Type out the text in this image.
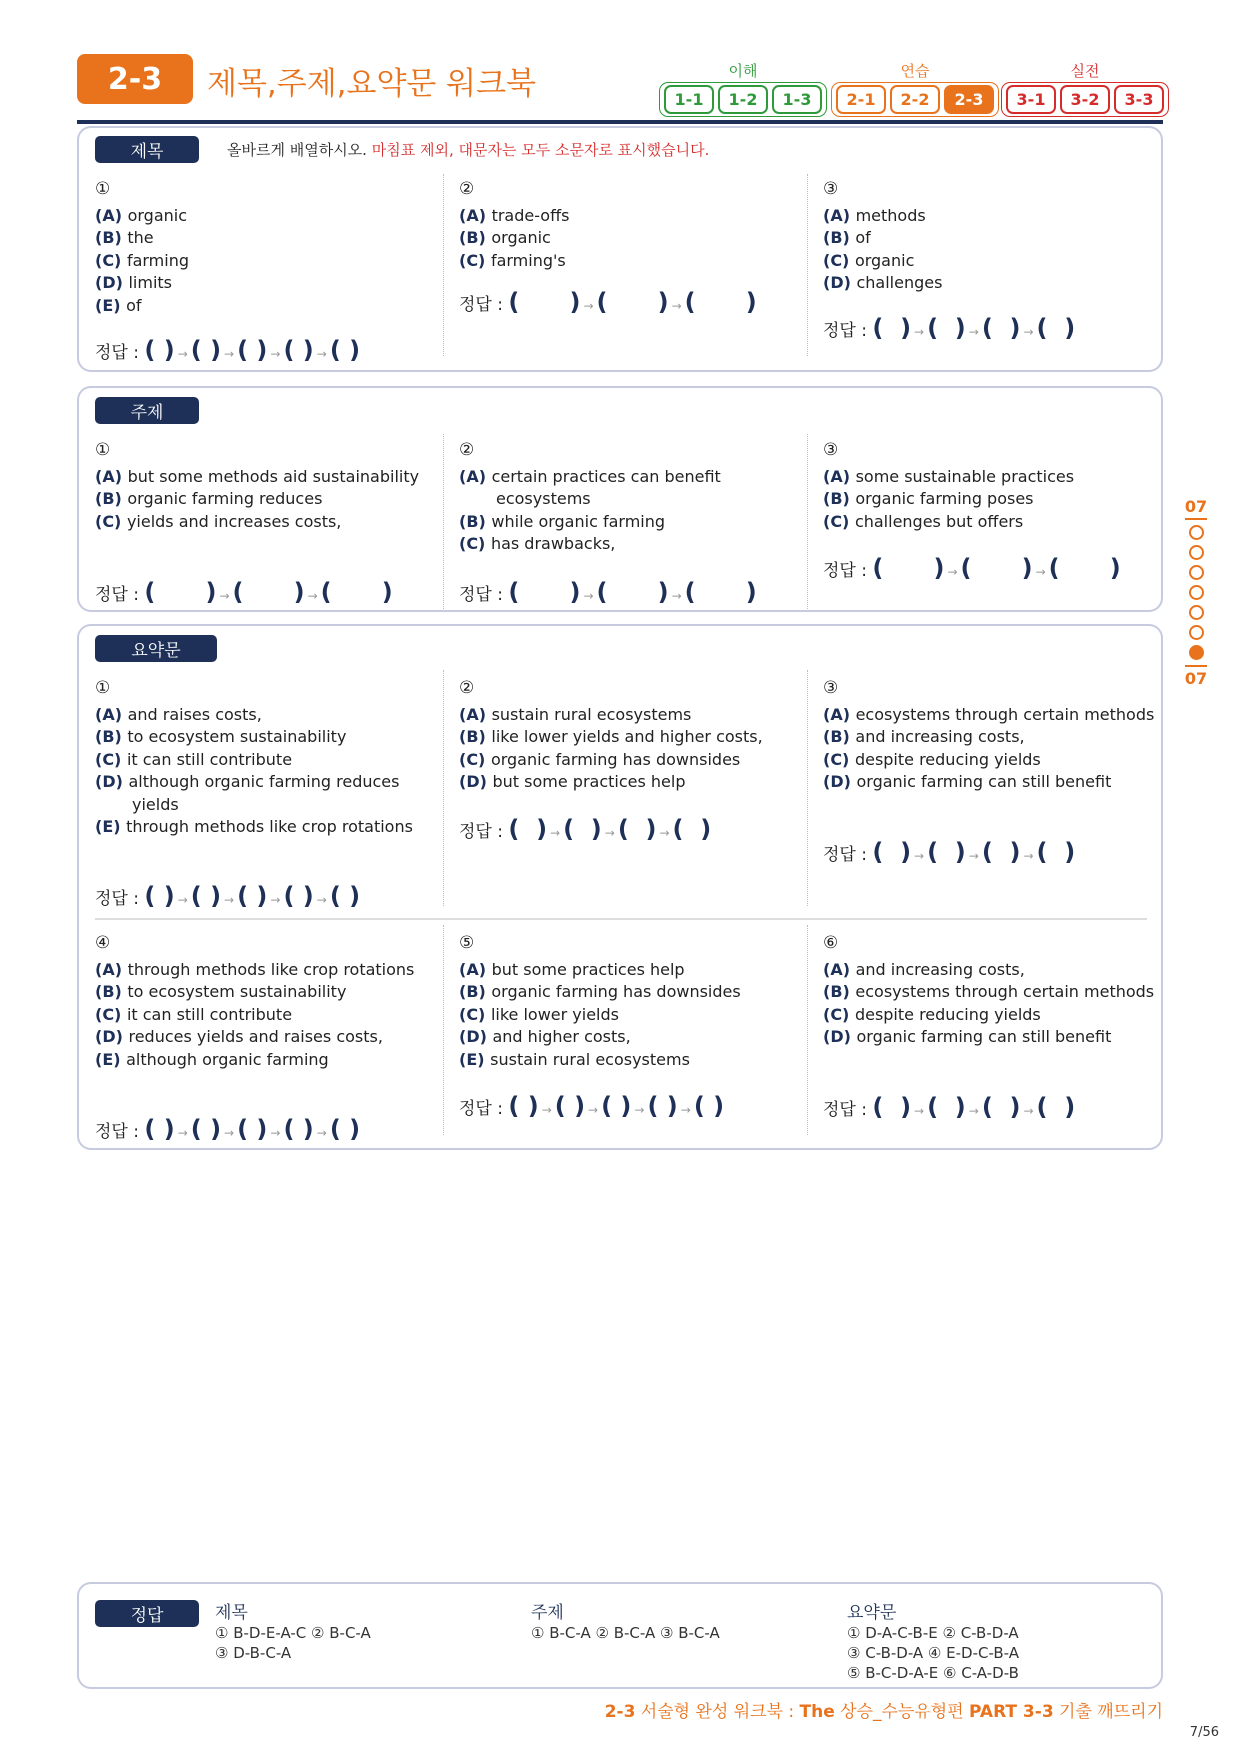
2-3	제목,주제,요약문 워크북	이해	연습	실전
1-1	1-2	1-3	2-1	2-2	2-3	3-1	3-2	3-3
제목	올바르게 배열하시오. 마침표 제외, 대문자는 모두 소문자로 표시했습니다.
주제
요약문
①
(A) organic
(B) the
(C) farming
(D) limits
(E) of
정답 : ( ) → ( ) → ( ) → ( ) → ( )
②
(A) trade-offs
(B) organic
(C) farming's
정답 : (      ) → (      ) → (      )
③
(A) methods
(B) of
(C) organic
(D) challenges
정답 : (  ) → (  ) → (  ) → (  )
①
(A) but some methods aid sustainability
(B) organic farming reduces
(C) yields and increases costs,
정답 : (      ) → (      ) → (      )
②
(A) certain practices can benefit ecosystems
(B) while organic farming
(C) has drawbacks,
정답 : (      ) → (      ) → (      )
③
(A) some sustainable practices
(B) organic farming poses
(C) challenges but offers
정답 : (      ) → (      ) → (      )
①
(A) and raises costs,
(B) to ecosystem sustainability
(C) it can still contribute
(D) although organic farming reduces yields
(E) through methods like crop rotations
정답 : ( ) → ( ) → ( ) → ( ) → ( )
②
(A) sustain rural ecosystems
(B) like lower yields and higher costs,
(C) organic farming has downsides
(D) but some practices help
정답 : (  ) → (  ) → (  ) → (  )
③
(A) ecosystems through certain methods
(B) and increasing costs,
(C) despite reducing yields
(D) organic farming can still benefit
정답 : (  ) → (  ) → (  ) → (  )
④
(A) through methods like crop rotations
(B) to ecosystem sustainability
(C) it can still contribute
(D) reduces yields and raises costs,
(E) although organic farming
정답 : ( ) → ( ) → ( ) → ( ) → ( )
⑤
(A) but some practices help
(B) organic farming has downsides
(C) like lower yields
(D) and higher costs,
(E) sustain rural ecosystems
정답 : ( ) → ( ) → ( ) → ( ) → ( )
⑥
(A) and increasing costs,
(B) ecosystems through certain methods
(C) despite reducing yields
(D) organic farming can still benefit
정답 : (  ) → (  ) → (  ) → (  )
07
07
정답	제목
① B-D-E-A-C ② B-C-A
③ D-B-C-A
주제
① B-C-A ② B-C-A ③ B-C-A
요약문
① D-A-C-B-E ② C-B-D-A
③ C-B-D-A ④ E-D-C-B-A
⑤ B-C-D-A-E ⑥ C-A-D-B
2-3 서술형 완성 워크북 : The 상승_수능유형편 PART 3-3 기출 깨뜨리기
7/56
